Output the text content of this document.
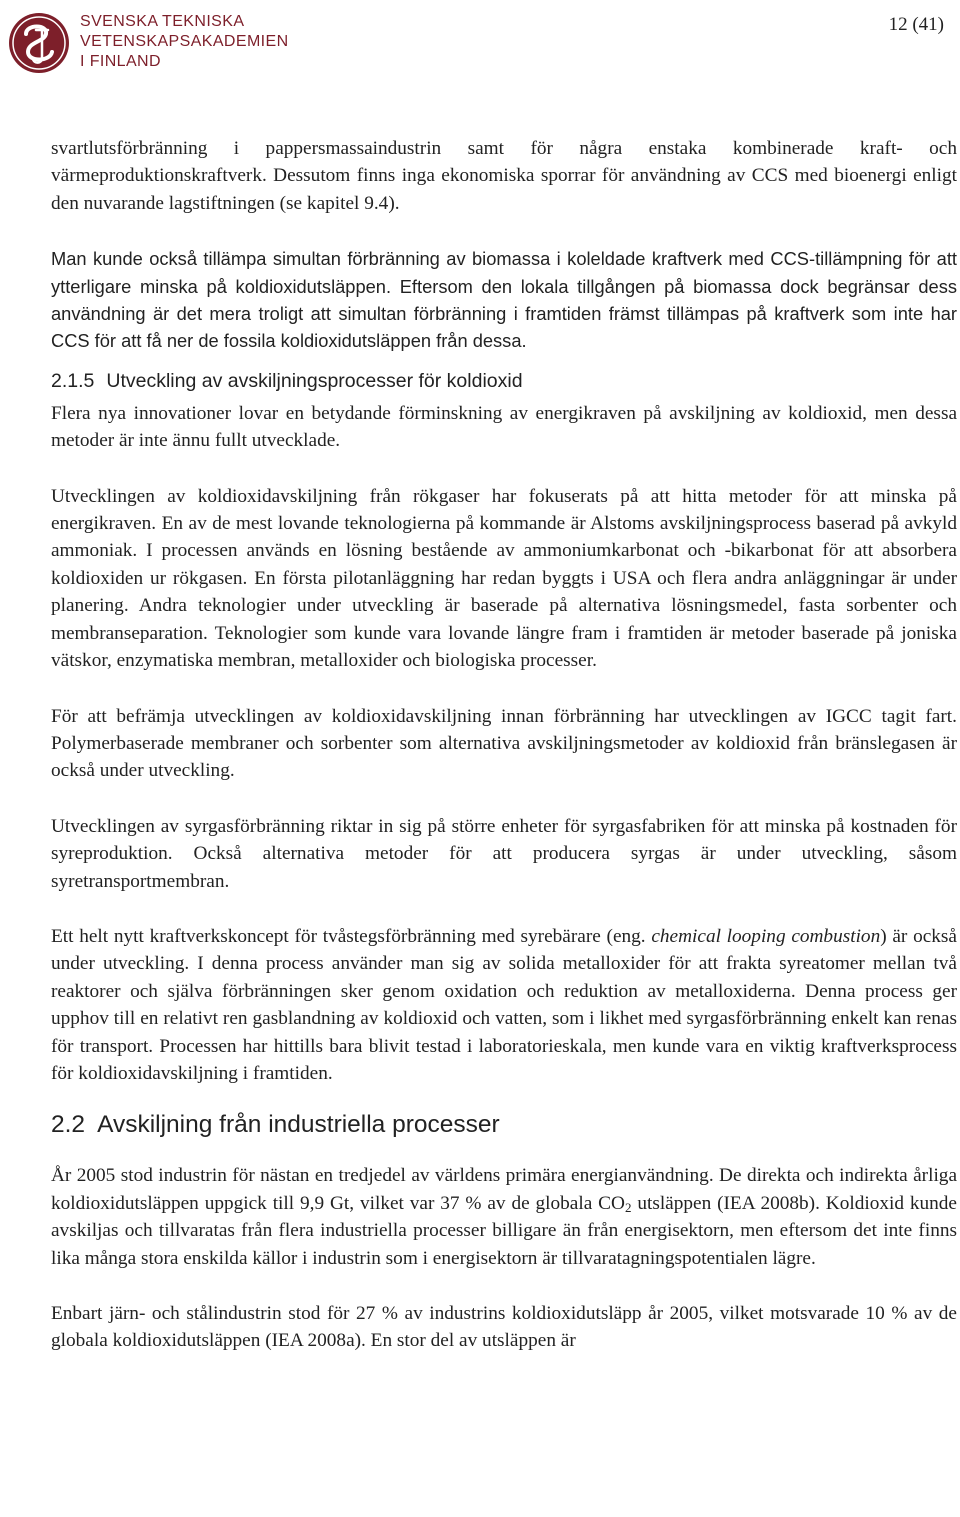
SVENSKA TEKNISKA
VETENSKAPSAKADEMIEN
I FINLAND
12 (41)

svartlutsförbränning i pappersmassaindustrin samt för några enstaka kombinerade kraft- och värmeproduktionskraftverk. Dessutom finns inga ekonomiska sporrar för användning av CCS med bioenergi enligt den nuvarande lagstiftningen (se kapitel 9.4).

Man kunde också tillämpa simultan förbränning av biomassa i koleldade kraftverk med CCS-tillämpning för att ytterligare minska på koldioxidutsläppen. Eftersom den lokala tillgången på biomassa dock begränsar dess användning är det mera troligt att simultan förbränning i framtiden främst tillämpas på kraftverk som inte har CCS för att få ner de fossila koldioxidutsläppen från dessa.

2.1.5 Utveckling av avskiljningsprocesser för koldioxid

Flera nya innovationer lovar en betydande förminskning av energikraven på avskiljning av koldioxid, men dessa metoder är inte ännu fullt utvecklade.

Utvecklingen av koldioxidavskiljning från rökgaser har fokuserats på att hitta metoder för att minska på energikraven. En av de mest lovande teknologierna på kommande är Alstoms avskiljningsprocess baserad på avkyld ammoniak. I processen används en lösning bestående av ammoniumkarbonat och -bikarbonat för att absorbera koldioxiden ur rökgasen. En första pilotanläggning har redan byggts i USA och flera andra anläggningar är under planering. Andra teknologier under utveckling är baserade på alternativa lösningsmedel, fasta sorbenter och membranseparation. Teknologier som kunde vara lovande längre fram i framtiden är metoder baserade på joniska vätskor, enzymatiska membran, metalloxider och biologiska processer.

För att befrämja utvecklingen av koldioxidavskiljning innan förbränning har utvecklingen av IGCC tagit fart. Polymerbaserade membraner och sorbenter som alternativa avskiljningsmetoder av koldioxid från bränslegasen är också under utveckling.

Utvecklingen av syrgasförbränning riktar in sig på större enheter för syrgasfabriken för att minska på kostnaden för syreproduktion. Också alternativa metoder för att producera syrgas är under utveckling, såsom syretransportmembran.

Ett helt nytt kraftverkskoncept för tvåstegsförbränning med syrebärare (eng. chemical looping combustion) är också under utveckling. I denna process använder man sig av solida metalloxider för att frakta syreatomer mellan två reaktorer och själva förbränningen sker genom oxidation och reduktion av metalloxiderna. Denna process ger upphov till en relativt ren gasblandning av koldioxid och vatten, som i likhet med syrgasförbränning enkelt kan renas för transport. Processen har hittills bara blivit testad i laboratorieskala, men kunde vara en viktig kraftverksprocess för koldioxidavskiljning i framtiden.

2.2 Avskiljning från industriella processer

År 2005 stod industrin för nästan en tredjedel av världens primära energianvändning. De direkta och indirekta årliga koldioxidutsläppen uppgick till 9,9 Gt, vilket var 37 % av de globala $CO_2$ utsläppen (IEA 2008b). Koldioxid kunde avskiljas och tillvaratas från flera industriella processer billigare än från energisektorn, men eftersom det inte finns lika många stora enskilda källor i industrin som i energisektorn är tillvaratagningspotentialen lägre.

Enbart järn- och stålindustrin stod för 27 % av industrins koldioxidutsläpp år 2005, vilket motsvarade 10 % av de globala koldioxidutsläppen (IEA 2008a). En stor del av utsläppen är
